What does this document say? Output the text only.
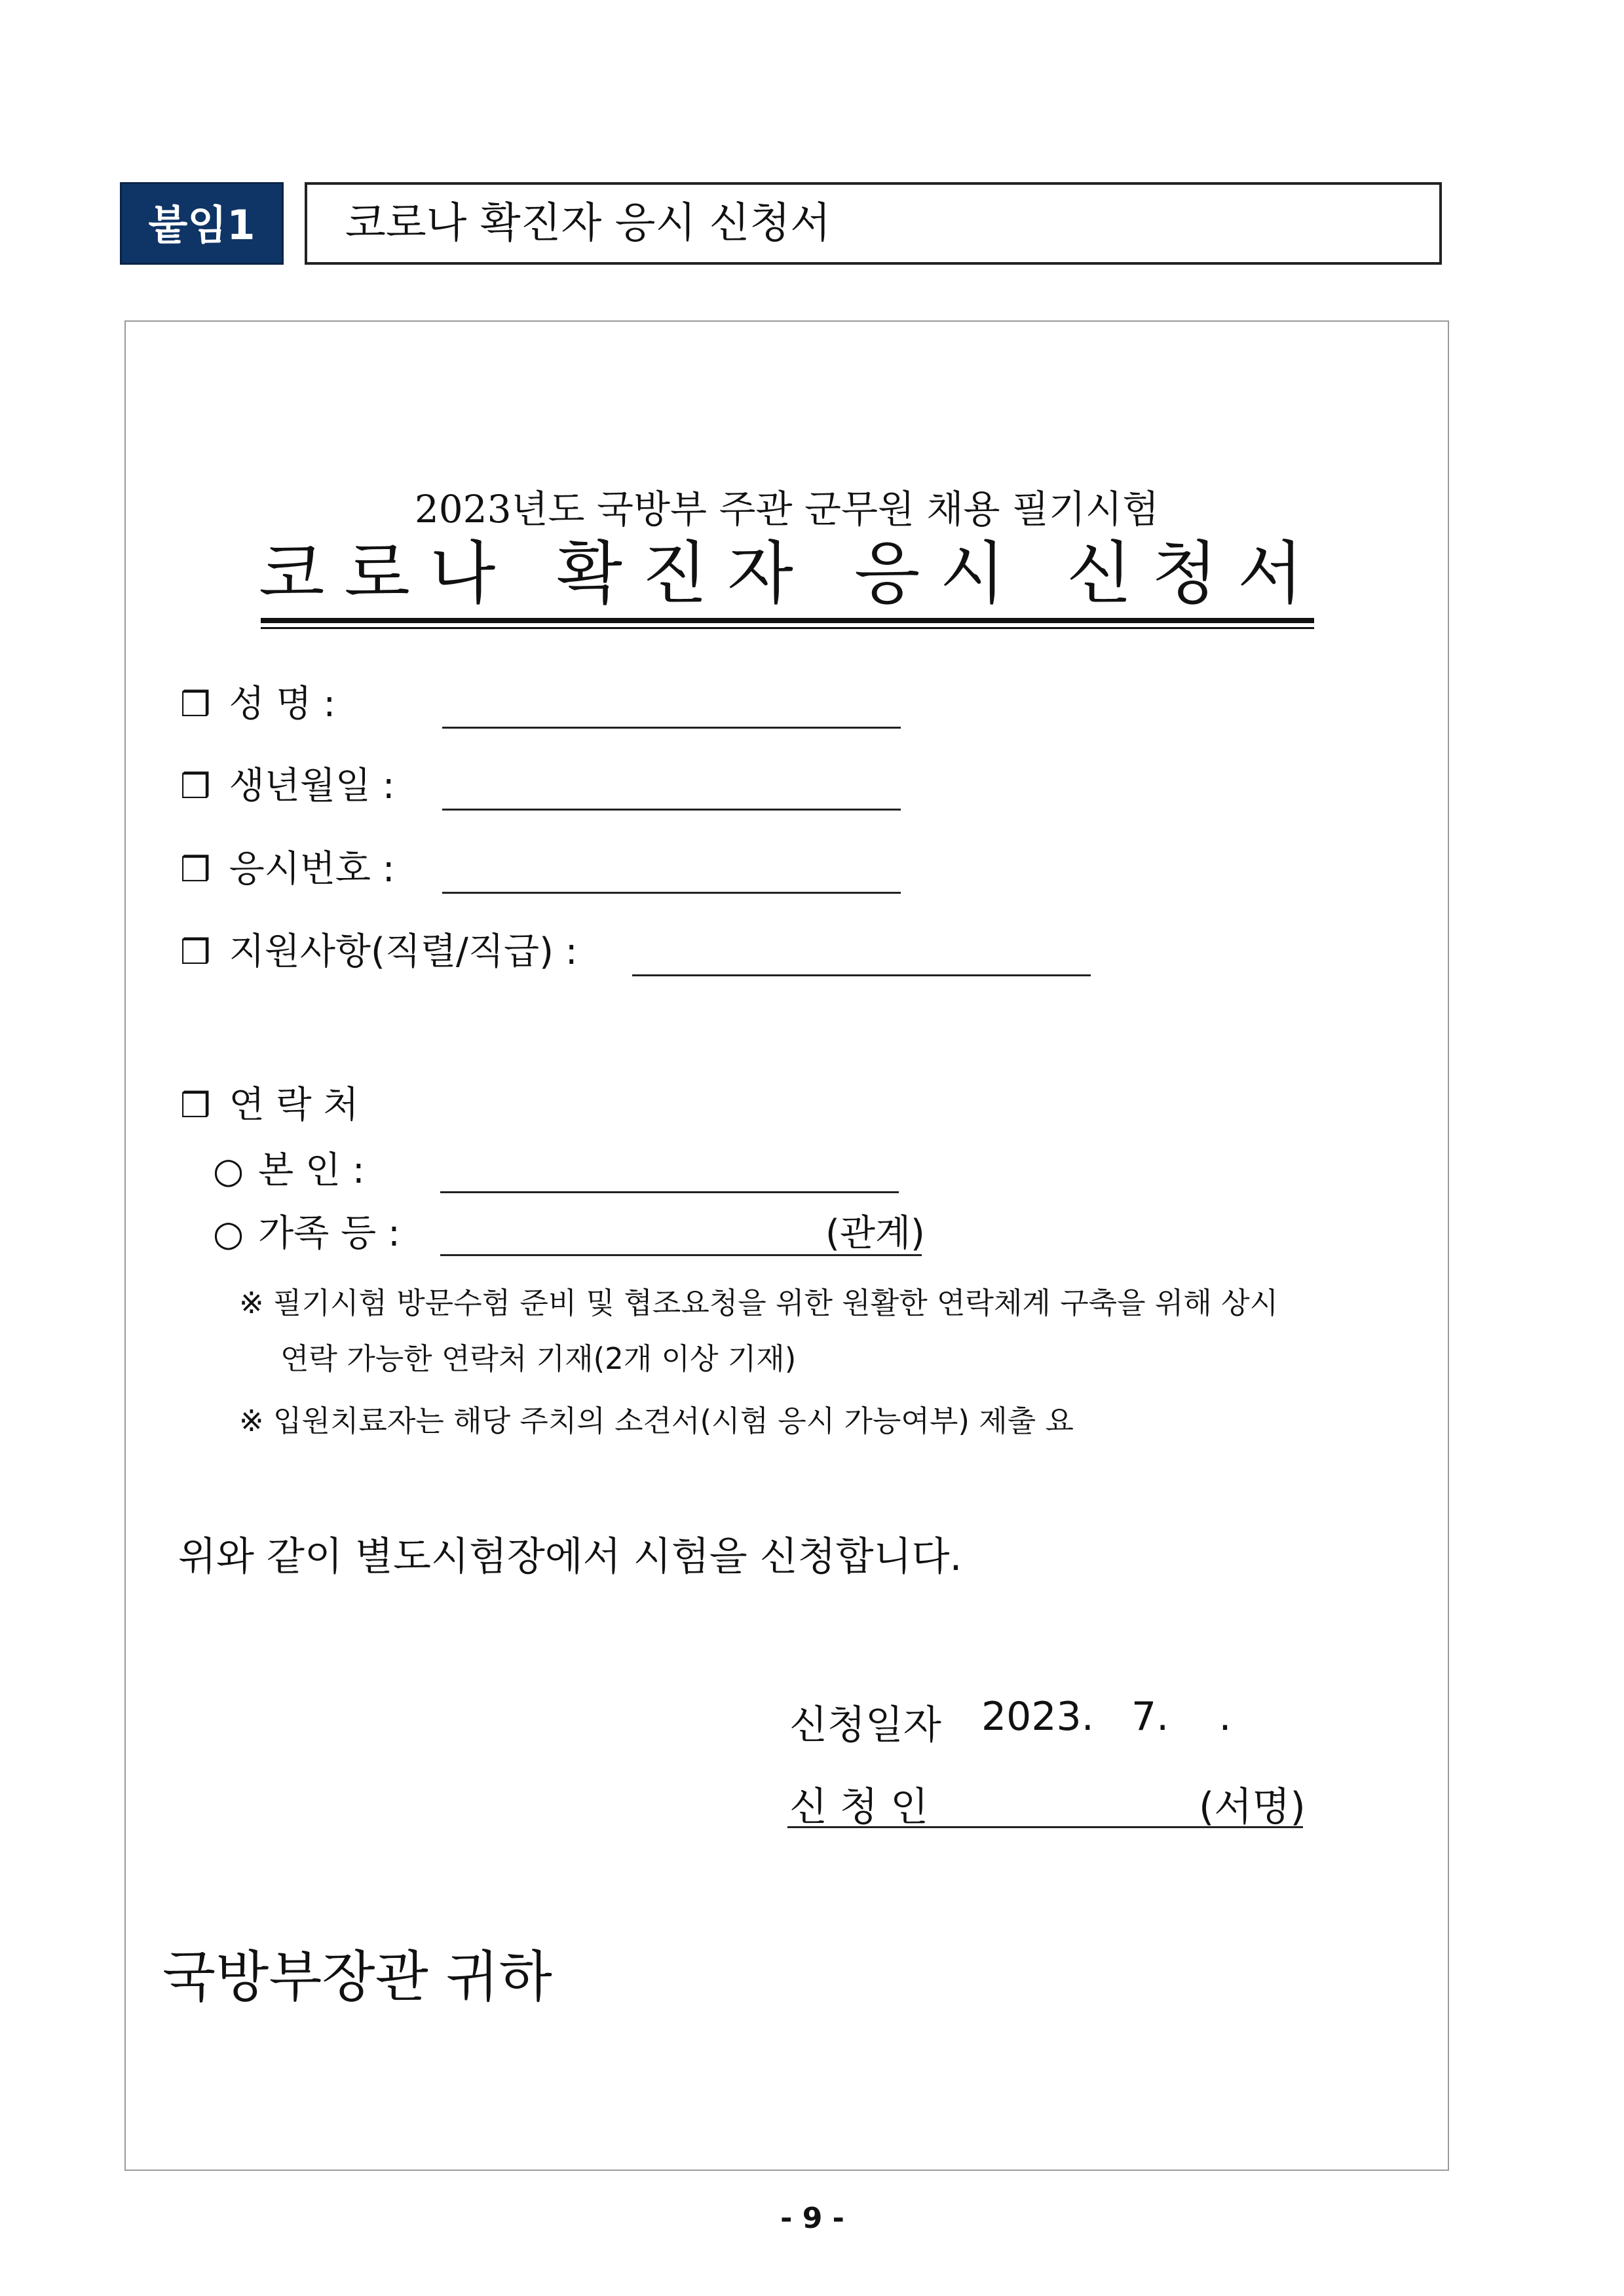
붙임1	코로나 확진자 응시 신청서
2023년도 국방부 주관 군무원 채용 필기시험
코로나 확진자 응시 신청서
❒ 성 명 :
❒ 생년월일 :
❒ 응시번호 :
❒ 지원사항(직렬/직급) :
❒ 연 락 처
○ 본 인 :
○ 가족 등 :	(관계)
※ 필기시험 방문수험 준비 및 협조요청을 위한 원활한 연락체계 구축을 위해 상시
연락 가능한 연락처 기재(2개 이상 기재)
※ 입원치료자는 해당 주치의 소견서(시험 응시 가능여부) 제출 요
위와 같이 별도시험장에서 시험을 신청합니다.
신청일자 2023.   7.    .
신 청 인	(서명)
국방부장관 귀하
- 9 -
